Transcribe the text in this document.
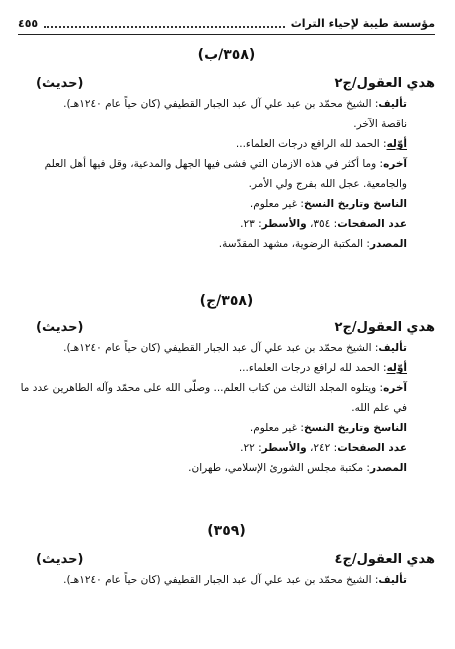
مؤسسة طيبة لإحياء التراث
٤٥٥
(٣٥٨/ب)
هدي العقول/ج٢
(حديث)
تأليف: الشيخ محمّد بن عبد علي آل عبد الجبار القطيفي (كان حياً عام ١٢٤٠هـ).
ناقصة الآخر.
أوّله: الحمد لله الرافع درجات العلماء...
آخره: وما أكثر في هذه الازمان التي فشى فيها الجهل والمدعية، وقل فيها أهل العلم والجامعية. عجل الله بفرج ولي الأمر.
الناسخ وتاريخ النسخ: غير معلوم.
عدد الصفحات: ٣٥٤، والأسطر: ٢٣.
المصدر: المكتبة الرضوية، مشهد المقدّسة.
(٣٥٨/ج)
هدي العقول/ج٢
(حديث)
تأليف: الشيخ محمّد بن عبد علي آل عبد الجبار القطيفي (كان حياً عام ١٢٤٠هـ).
أوّله: الحمد لله لرافع درجات العلماء...
آخره: ويتلوه المجلد الثالث من كتاب العلم... وصلّى الله على محمّد وآله الطاهرين عدد ما في علم الله.
الناسخ وتاريخ النسخ: غير معلوم.
عدد الصفحات: ٢٤٢، والأسطر: ٢٢.
المصدر: مكتبة مجلس الشورئ الإسلامي، طهران.
(٣٥٩)
هدي العقول/ج٤
(حديث)
تأليف: الشيخ محمّد بن عبد علي آل عبد الجبار القطيفي (كان حياً عام ١٢٤٠هـ).
